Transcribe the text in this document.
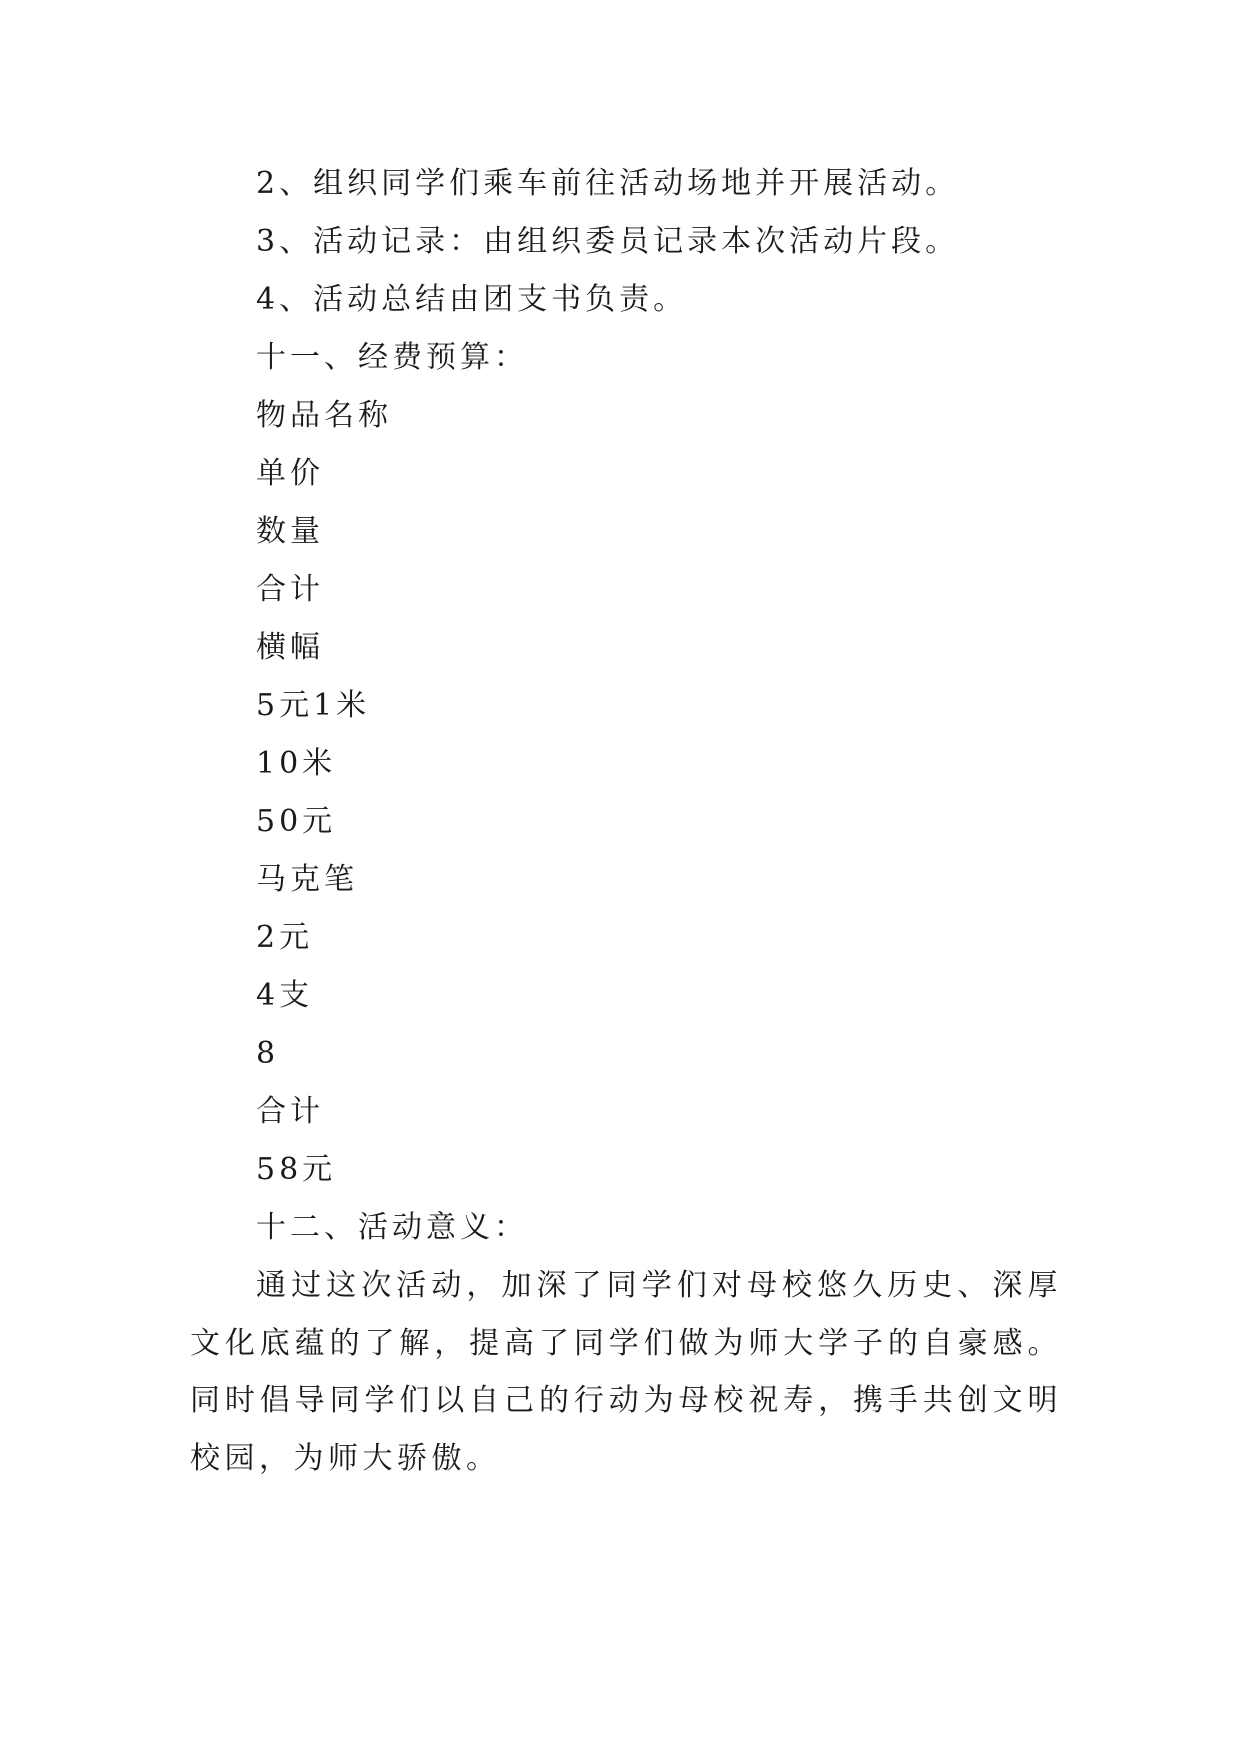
2、组织同学们乘车前往活动场地并开展活动。
3、活动记录：由组织委员记录本次活动片段。
4、活动总结由团支书负责。
十一、经费预算：
物品名称
单价
数量
合计
横幅
5元1米
10米
50元
马克笔
2元
4支
8
合计
58元
十二、活动意义：
通过这次活动，加深了同学们对母校悠久历史、深厚文化底蕴的了解，提高了同学们做为师大学子的自豪感。同时倡导同学们以自己的行动为母校祝寿，携手共创文明校园，为师大骄傲。
